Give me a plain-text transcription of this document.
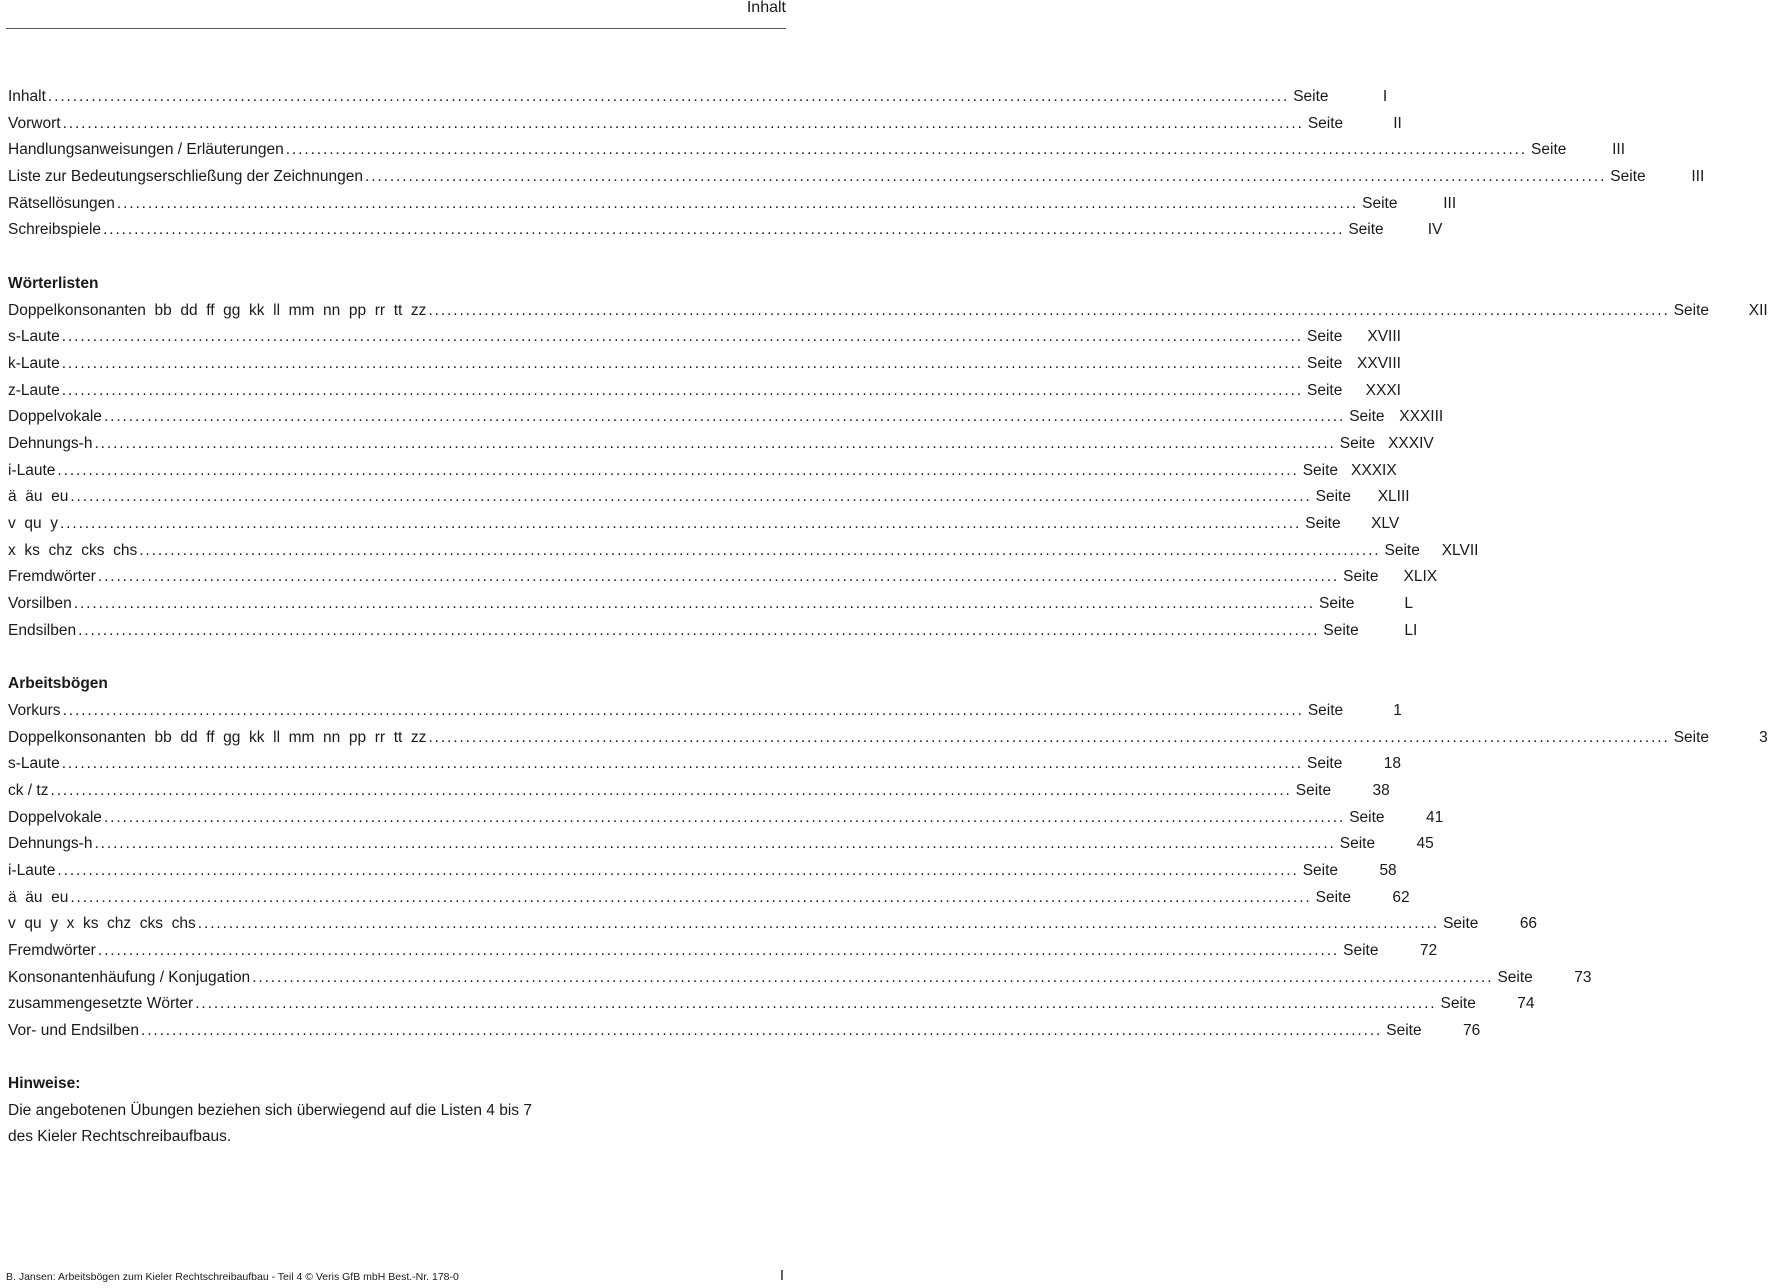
Inhalt
Inhalt ........................................................................................................................................................................................................ Seite	I
Vorwort ........................................................................................................................................................................................................ Seite	II
Handlungsanweisungen / Erläuterungen ........................................................................................................................................................................................................ Seite	III
Liste zur Bedeutungserschließung der Zeichnungen ........................................................................................................................................................................................................ Seite	III
Rätsellösungen ........................................................................................................................................................................................................ Seite	III
Schreibspiele ........................................................................................................................................................................................................ Seite	IV
Wörterlisten
Doppelkonsonanten  bb  dd  ff  gg  kk  ll  mm  nn  pp  rr  tt  zz ........................................................................................................................................................................................................ Seite	XII
s-Laute ........................................................................................................................................................................................................ Seite	XVIII
k-Laute ........................................................................................................................................................................................................ Seite XXVIII
z-Laute ........................................................................................................................................................................................................ Seite	XXXI
Doppelvokale ........................................................................................................................................................................................................ Seite XXXIII
Dehnungs-h ........................................................................................................................................................................................................ Seite XXXIV
i-Laute ........................................................................................................................................................................................................ Seite XXXIX
ä  äu  eu ........................................................................................................................................................................................................ Seite	XLIII
v  qu  y ........................................................................................................................................................................................................ Seite	XLV
x  ks  chz  cks  chs ........................................................................................................................................................................................................ Seite	XLVII
Fremdwörter ........................................................................................................................................................................................................ Seite	XLIX
Vorsilben ........................................................................................................................................................................................................ Seite	L
Endsilben ........................................................................................................................................................................................................ Seite	LI
Arbeitsbögen
Vorkurs ........................................................................................................................................................................................................ Seite	1
Doppelkonsonanten  bb  dd  ff  gg  kk  ll  mm  nn  pp  rr  tt  zz ........................................................................................................................................................................................................ Seite	3
s-Laute ........................................................................................................................................................................................................ Seite	18
ck / tz ........................................................................................................................................................................................................ Seite	38
Doppelvokale ........................................................................................................................................................................................................ Seite	41
Dehnungs-h ........................................................................................................................................................................................................ Seite	45
i-Laute ........................................................................................................................................................................................................ Seite	58
ä  äu  eu ........................................................................................................................................................................................................ Seite	62
v  qu  y  x  ks  chz  cks  chs ........................................................................................................................................................................................................ Seite	66
Fremdwörter ........................................................................................................................................................................................................ Seite	72
Konsonantenhäufung / Konjugation ........................................................................................................................................................................................................ Seite	73
zusammengesetzte Wörter ........................................................................................................................................................................................................ Seite	74
Vor- und Endsilben ........................................................................................................................................................................................................ Seite	76
Hinweise:
Die angebotenen Übungen beziehen sich überwiegend auf die Listen 4 bis 7
des Kieler Rechtschreibaufbaus.
B. Jansen: Arbeitsbögen zum Kieler Rechtschreibaufbau - Teil 4 © Veris GfB mbH Best.-Nr. 178-0	I
